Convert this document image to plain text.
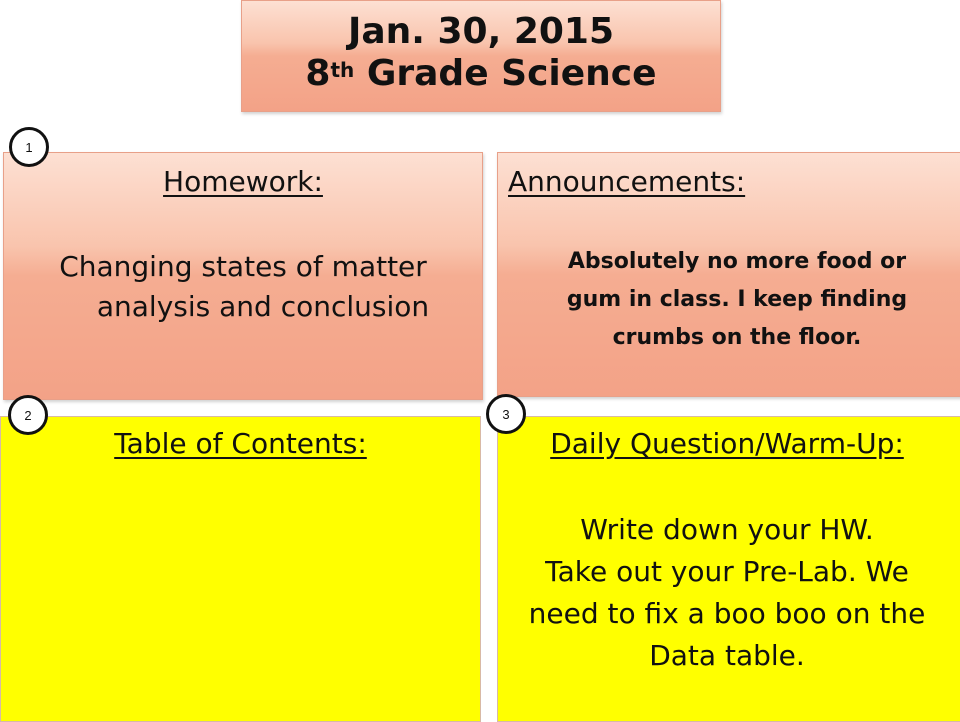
Jan. 30, 2015
8th Grade Science
Homework:
Changing states of matter
analysis and conclusion
Announcements:
Absolutely no more food or
gum in class. I keep finding
crumbs on the floor.
Table of Contents:	Daily Question/Warm-Up:
Write down your HW.
Take out your Pre-Lab. We
need to fix a boo boo on the
Data table.
1
2	3
